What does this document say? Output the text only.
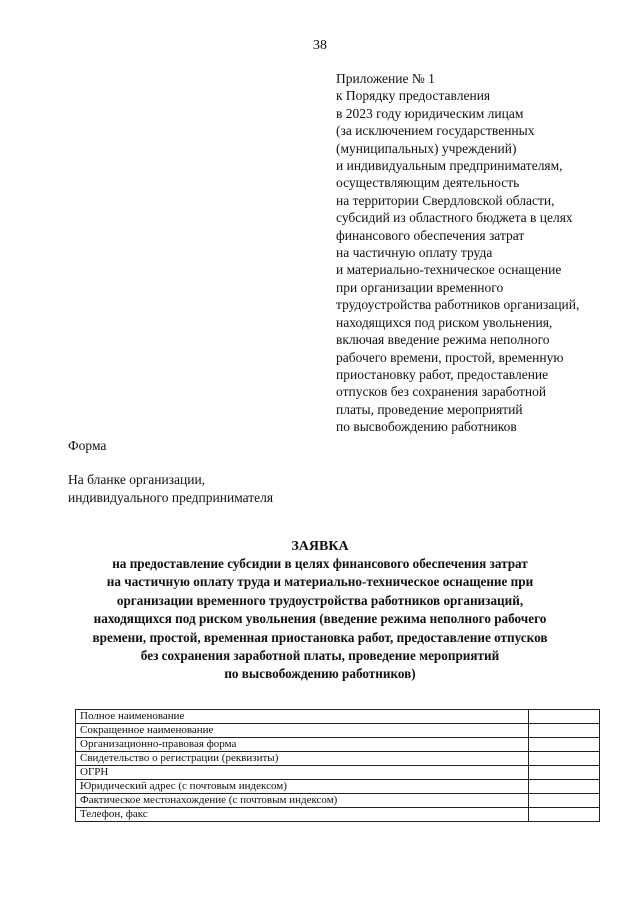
38
Приложение № 1
к Порядку предоставления
в 2023 году юридическим лицам
(за исключением государственных
(муниципальных) учреждений)
и индивидуальным предпринимателям,
осуществляющим деятельность
на территории Свердловской области,
субсидий из областного бюджета в целях
финансового обеспечения затрат
на частичную оплату труда
и материально-техническое оснащение
при организации временного
трудоустройства работников организаций,
находящихся под риском увольнения,
включая введение режима неполного
рабочего времени, простой, временную
приостановку работ, предоставление
отпусков без сохранения заработной
платы, проведение мероприятий
по высвобождению работников
Форма
На бланке организации,
индивидуального предпринимателя
ЗАЯВКА
на предоставление субсидии в целях финансового обеспечения затрат
на частичную оплату труда и материально-техническое оснащение при
организации временного трудоустройства работников организаций,
находящихся под риском увольнения (введение режима неполного рабочего
времени, простой, временная приостановка работ, предоставление отпусков
без сохранения заработной платы, проведение мероприятий
по высвобождению работников)
Полное наименование	
Сокращенное наименование	
Организационно-правовая форма	
Свидетельство о регистрации (реквизиты)	
ОГРН	
Юридический адрес (с почтовым индексом)	
Фактическое местонахождение (с почтовым индексом)	
Телефон, факс	
